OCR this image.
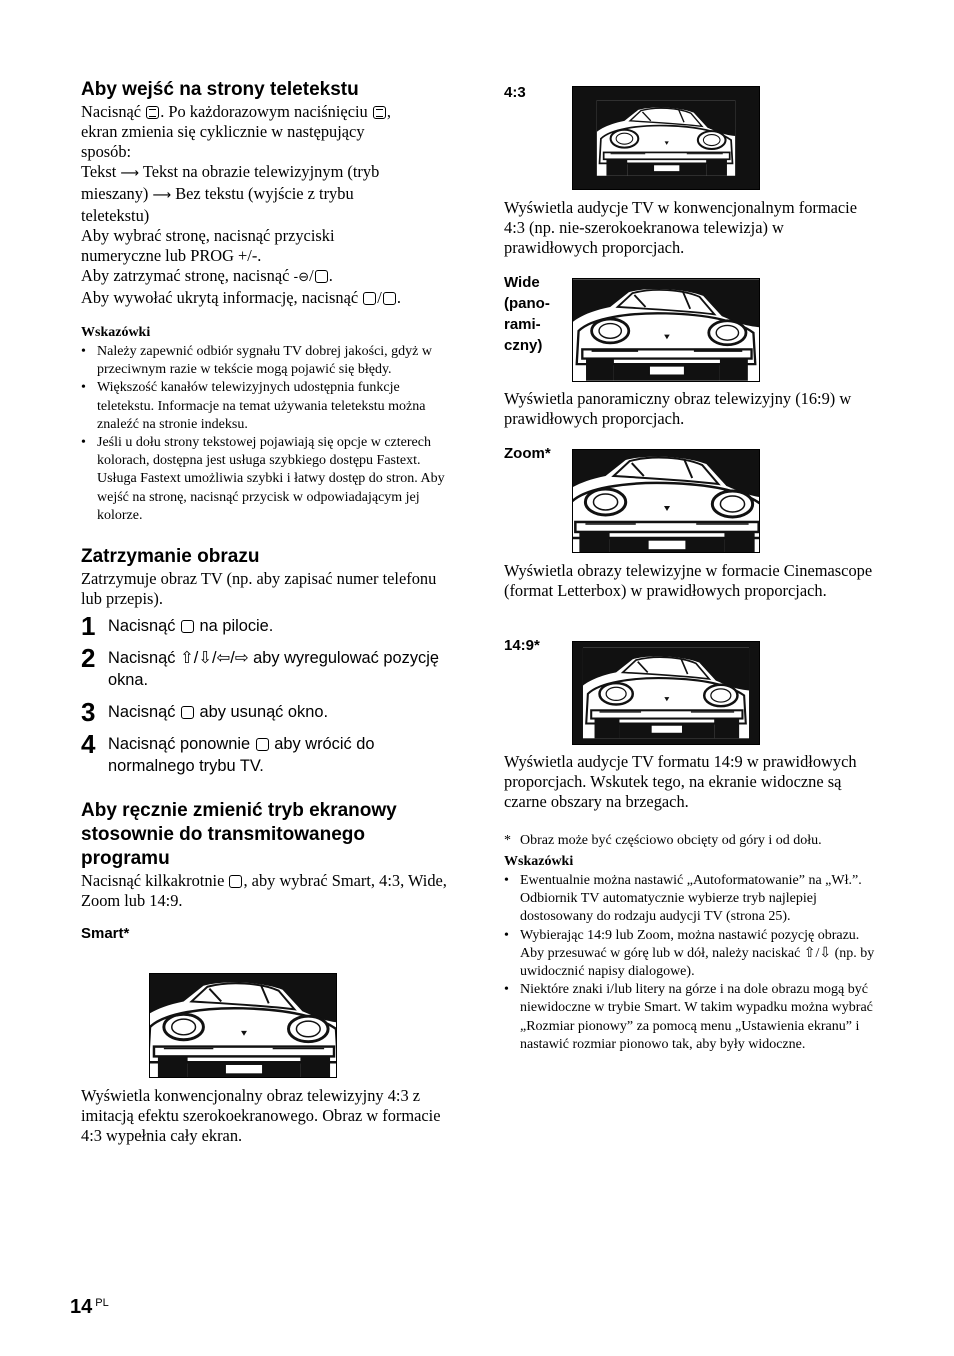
Aby wejść na strony teletekstu

Nacisnąć . Po każdorazowym naciśnięciu ,

ekran zmienia się cyklicznie w następujący

sposób:

Tekst ⟶ Tekst na obrazie telewizyjnym (tryb

mieszany) ⟶ Bez tekstu (wyjście z trybu

teletekstu)

Aby wybrać stronę, nacisnąć przyciski

numeryczne lub PROG +/-.

Aby zatrzymać stronę, nacisnąć -⊖/ .

Aby wywołać ukrytą informację, nacisnąć / .

Wskazówki
• Należy zapewnić odbiór sygnału TV dobrej jakości, gdyż w przeciwnym razie w tekście mogą pojawić się błędy.
• Większość kanałów telewizyjnych udostępnia funkcje teletekstu. Informacje na temat używania teletekstu można znaleźć na stronie indeksu.
• Jeśli u dołu strony tekstowej pojawiają się opcje w czterech kolorach, dostępna jest usługa szybkiego dostępu Fastext. Usługa Fastext umożliwia szybki i łatwy dostęp do stron. Aby wejść na stronę, nacisnąć przycisk w odpowiadającym jej kolorze.
Zatrzymanie obrazu

Zatrzymuje obraz TV (np. aby zapisać numer telefonu lub przepis).

1 Nacisnąć na pilocie.
2 Nacisnąć ⇧/⇩/⇦/⇨ aby wyregulować pozycję okna.
3 Nacisnąć aby usunąć okno.
4 Nacisnąć ponownie aby wrócić do normalnego trybu TV.
Aby ręcznie zmienić tryb ekranowy stosownie do transmitowanego programu

Nacisnąć kilkakrotnie , aby wybrać Smart, 4:3, Wide, Zoom lub 14:9.

Smart*

Wyświetla konwencjonalny obraz telewizyjny 4:3 z imitacją efektu szerokoekranowego. Obraz w formacie 4:3 wypełnia cały ekran.

4:3

Wyświetla audycje TV w konwencjonalnym formacie 4:3 (np. nie-szerokoekranowa telewizja) w prawidłowych proporcjach.

Wide
(pano-
rami-
czny)

Wyświetla panoramiczny obraz telewizyjny (16:9) w prawidłowych proporcjach.

Zoom*

Wyświetla obrazy telewizyjne w formacie Cinemascope (format Letterbox) w prawidłowych proporcjach.

14:9*

Wyświetla audycje TV formatu 14:9 w prawidłowych proporcjach. Wskutek tego, na ekranie widoczne są czarne obszary na brzegach.

* Obraz może być częściowo obcięty od góry i od dołu.
Wskazówki
• Ewentualnie można nastawić „Autoformatowanie” na „Wł.”. Odbiornik TV automatycznie wybierze tryb najlepiej dostosowany do rodzaju audycji TV (strona 25).
• Wybierając 14:9 lub Zoom, można nastawić pozycję obrazu. Aby przesuwać w górę lub w dół, należy naciskać ⇧/⇩ (np. by uwidocznić napisy dialogowe).
• Niektóre znaki i/lub litery na górze i na dole obrazu mogą być niewidoczne w trybie Smart. W takim wypadku można wybrać „Rozmiar pionowy” za pomocą menu „Ustawienia ekranu” i nastawić rozmiar pionowo tak, aby były widoczne.
14 $_{PL}$
